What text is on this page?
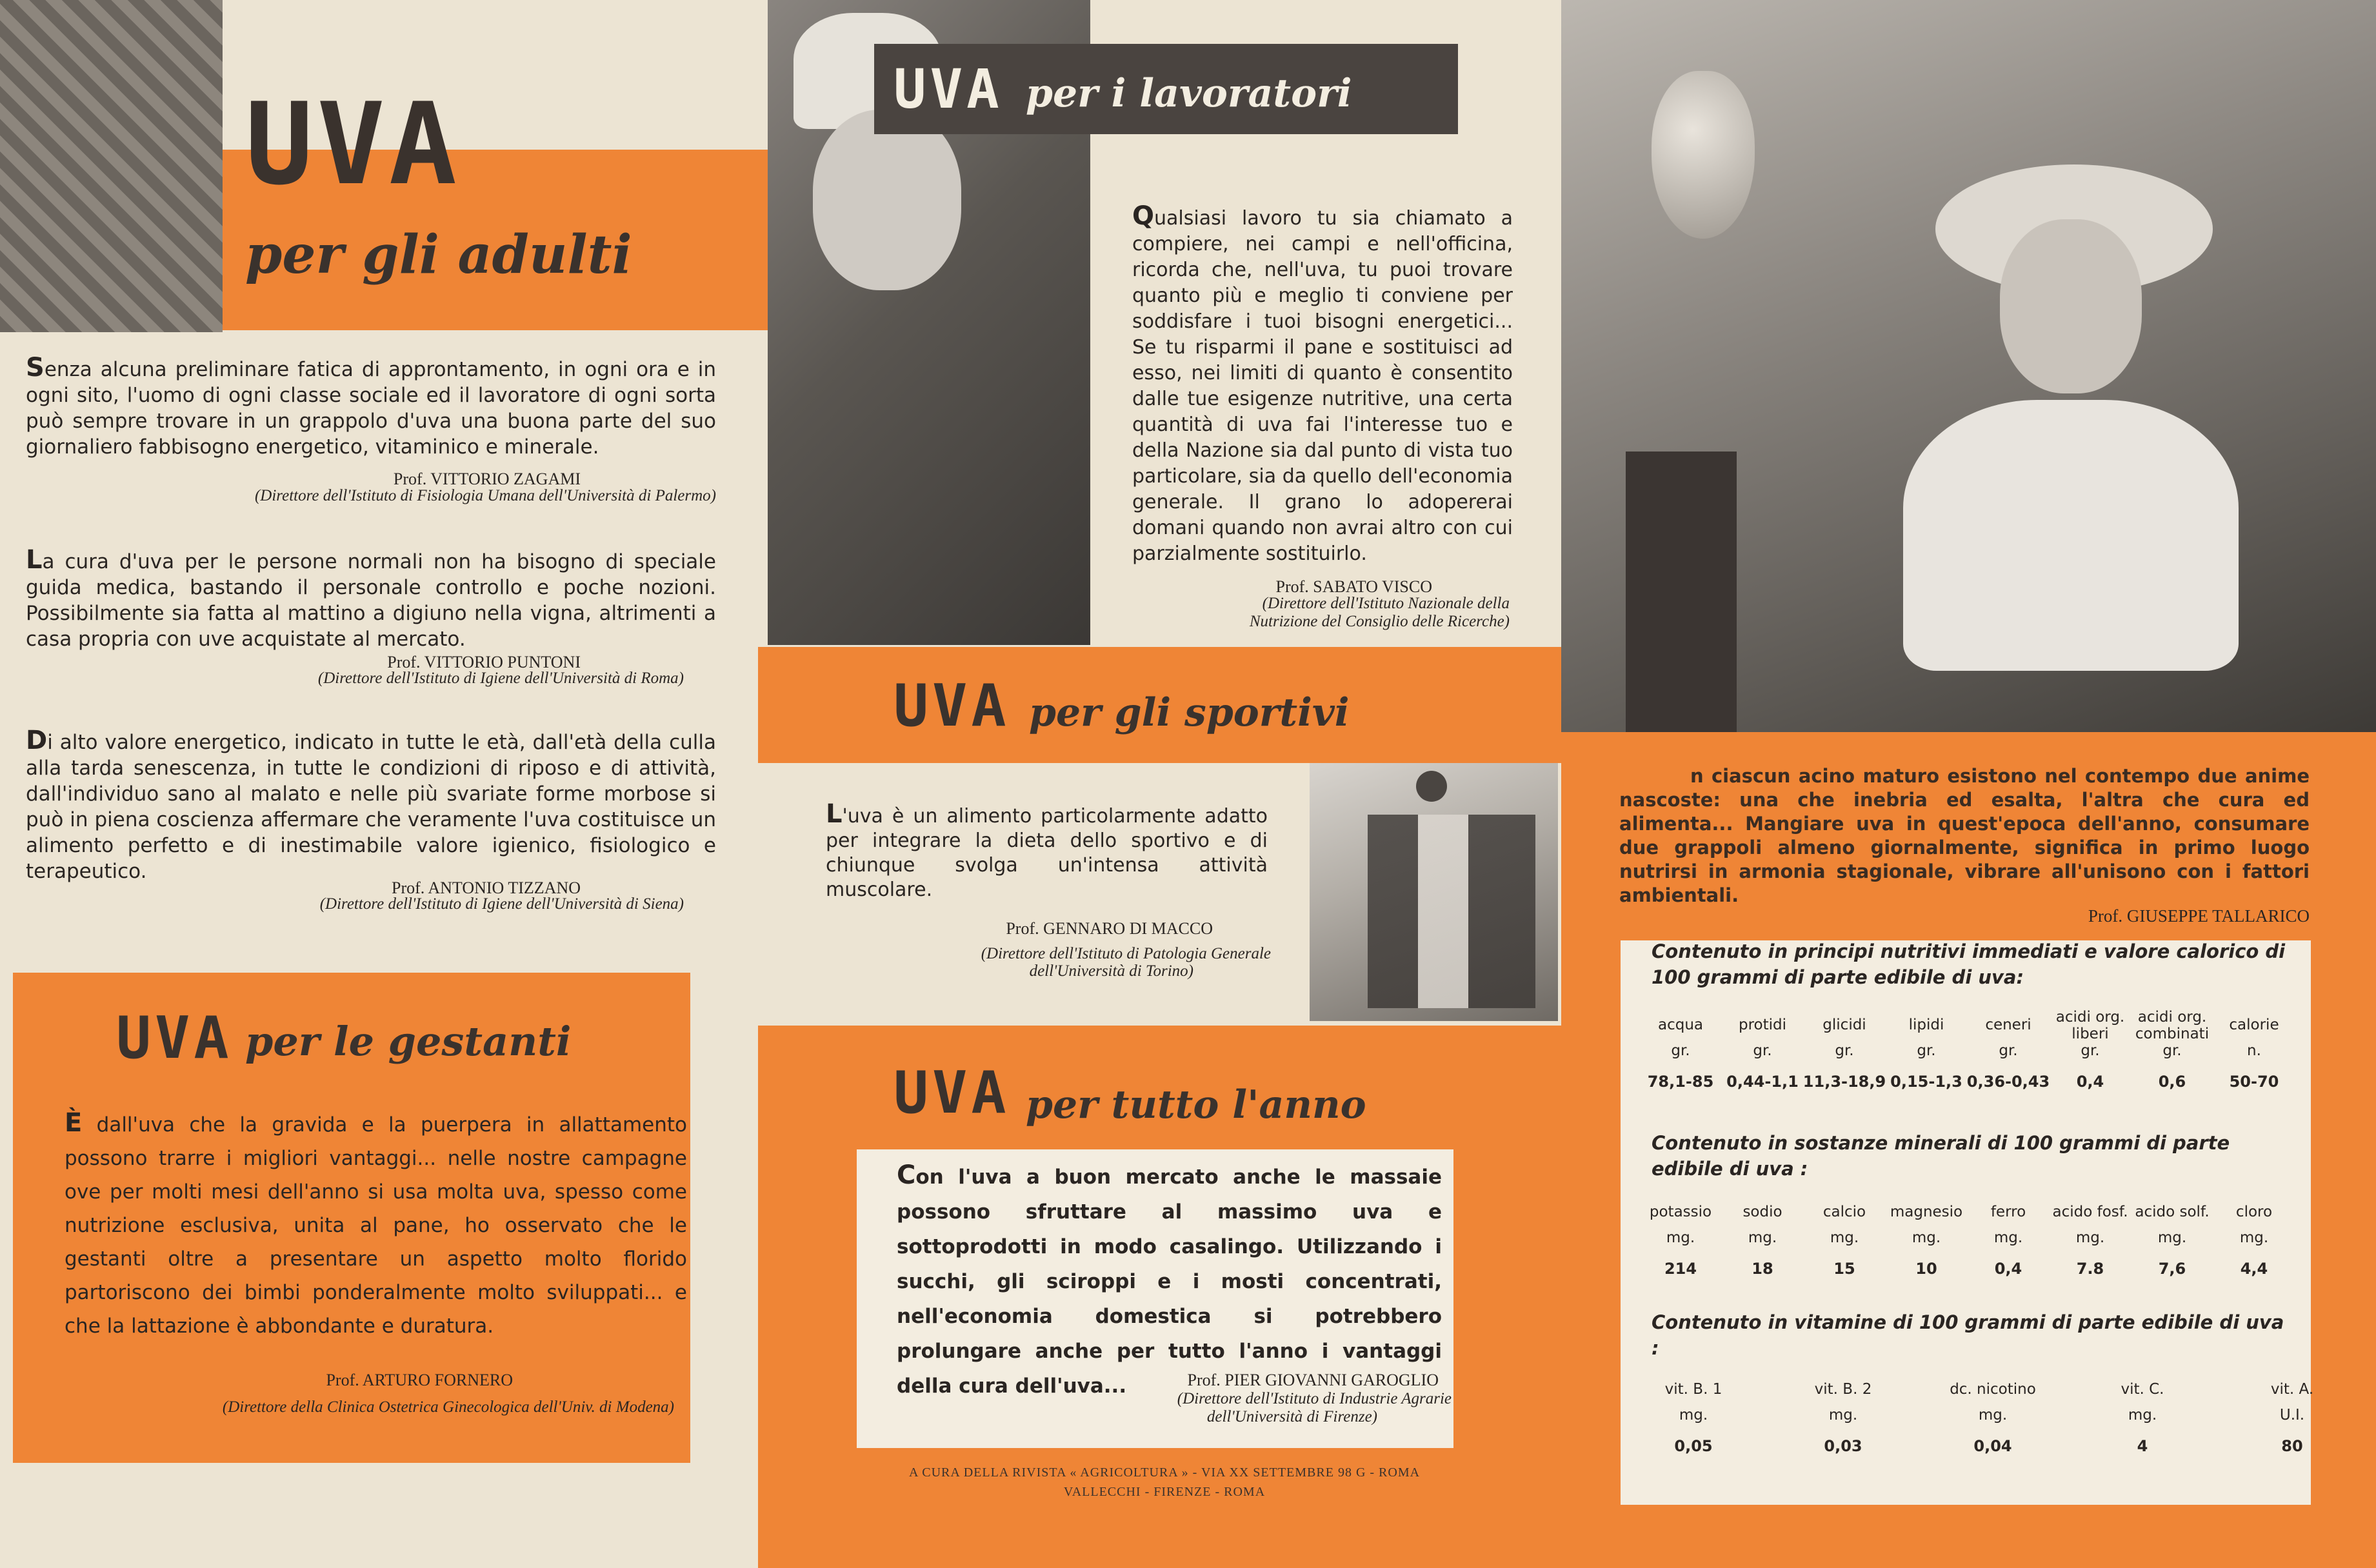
UVA
per gli adulti
Senza alcuna preliminare fatica di approntamento, in ogni ora e in ogni sito, l'uomo di ogni classe sociale ed il lavoratore di ogni sorta può sempre trovare in un grappolo d'uva una buona parte del suo giornaliero fabbisogno energetico, vitaminico e minerale.
Prof. VITTORIO ZAGAMI
(Direttore dell'Istituto di Fisiologia Umana dell'Università di Palermo)
La cura d'uva per le persone normali non ha bisogno di speciale guida medica, bastando il personale controllo e poche nozioni. Possibilmente sia fatta al mattino a digiuno nella vigna, altrimenti a casa propria con uve acquistate al mercato.
Prof. VITTORIO PUNTONI
(Direttore dell'Istituto di Igiene dell'Università di Roma)
Di alto valore energetico, indicato in tutte le età, dall'età della culla alla tarda senescenza, in tutte le condizioni di riposo e di attività, dall'individuo sano al malato e nelle più svariate forme morbose si può in piena coscienza affermare che veramente l'uva costituisce un alimento perfetto e di inestimabile valore igienico, fisiologico e terapeutico.
Prof. ANTONIO TIZZANO
(Direttore dell'Istituto di Igiene dell'Università di Siena)
UVA per le gestanti
È dall'uva che la gravida e la puerpera in allattamento possono trarre i migliori vantaggi... nelle nostre campagne ove per molti mesi dell'anno si usa molta uva, spesso come nutrizione esclusiva, unita al pane, ho osservato che le gestanti oltre a presentare un aspetto molto florido partoriscono dei bimbi ponderalmente molto sviluppati... e che la lattazione è abbondante e duratura.
Prof. ARTURO FORNERO
(Direttore della Clinica Ostetrica Ginecologica dell'Univ. di Modena)
UVA per i lavoratori
Qualsiasi lavoro tu sia chiamato a compiere, nei campi e nell'officina, ricorda che, nell'uva, tu puoi trovare quanto più e meglio ti conviene per soddisfare i tuoi bisogni energetici... Se tu risparmi il pane e sostituisci ad esso, nei limiti di quanto è consentito dalle tue esigenze nutritive, una certa quantità di uva fai l'interesse tuo e della Nazione sia dal punto di vista tuo particolare, sia da quello dell'economia generale. Il grano lo adopererai domani quando non avrai altro con cui parzialmente sostituirlo.
Prof. SABATO VISCO
(Direttore dell'Istituto Nazionale della
Nutrizione del Consiglio delle Ricerche)
UVA per gli sportivi
L'uva è un alimento particolarmente adatto per integrare la dieta dello sportivo e di chiunque svolga un'intensa attività muscolare.
Prof. GENNARO DI MACCO
(Direttore dell'Istituto di Patologia Generale
dell'Università di Torino)
UVA per tutto l'anno
Con l'uva a buon mercato anche le massaie possono sfruttare al massimo uva e sottoprodotti in modo casalingo. Utilizzando i succhi, gli sciroppi e i mosti concentrati, nell'economia domestica si potrebbero prolungare anche per tutto l'anno i vantaggi della cura dell'uva...	Prof. PIER GIOVANNI GAROGLIO
(Direttore dell'Istituto di Industrie Agrarie
dell'Università di Firenze)
A CURA DELLA RIVISTA « AGRICOLTURA » - VIA XX SETTEMBRE 98 G - ROMA
VALLECCHI - FIRENZE - ROMA
n ciascun acino maturo esistono nel contempo due anime nascoste: una che inebria ed esalta, l'altra che cura ed alimenta... Mangiare uva in quest'epoca dell'anno, consumare due grappoli almeno giornalmente, significa in primo luogo nutrirsi in armonia stagionale, vibrare all'unisono con i fattori ambientali.
Prof. GIUSEPPE TALLARICO
Contenuto in principi nutritivi immediati e valore calorico di 100 grammi di parte edibile di uva:
acqua
gr.
78,1-85
protidi
gr.
0,44-1,1
glicidi
gr.
11,3-18,9
lipidi
gr.
0,15-1,3
ceneri
gr.
0,36-0,43
acidi org.
liberi
gr.
0,4
acidi org.
combinati
gr.
0,6
calorie
n.
50-70
Contenuto in sostanze minerali di 100 grammi di parte edibile di uva :
potassio
mg.
214
sodio
mg.
18
calcio
mg.
15
magnesio
mg.
10
ferro
mg.
0,4
acido fosf.
mg.
7.8
acido solf.
mg.
7,6
cloro
mg.
4,4
Contenuto in vitamine di 100 grammi di parte edibile di uva :
vit. B. 1
mg.
0,05
vit. B. 2
mg.
0,03
dc. nicotino
mg.
0,04
vit. C.
mg.
4
vit. A.
U.I.
80
